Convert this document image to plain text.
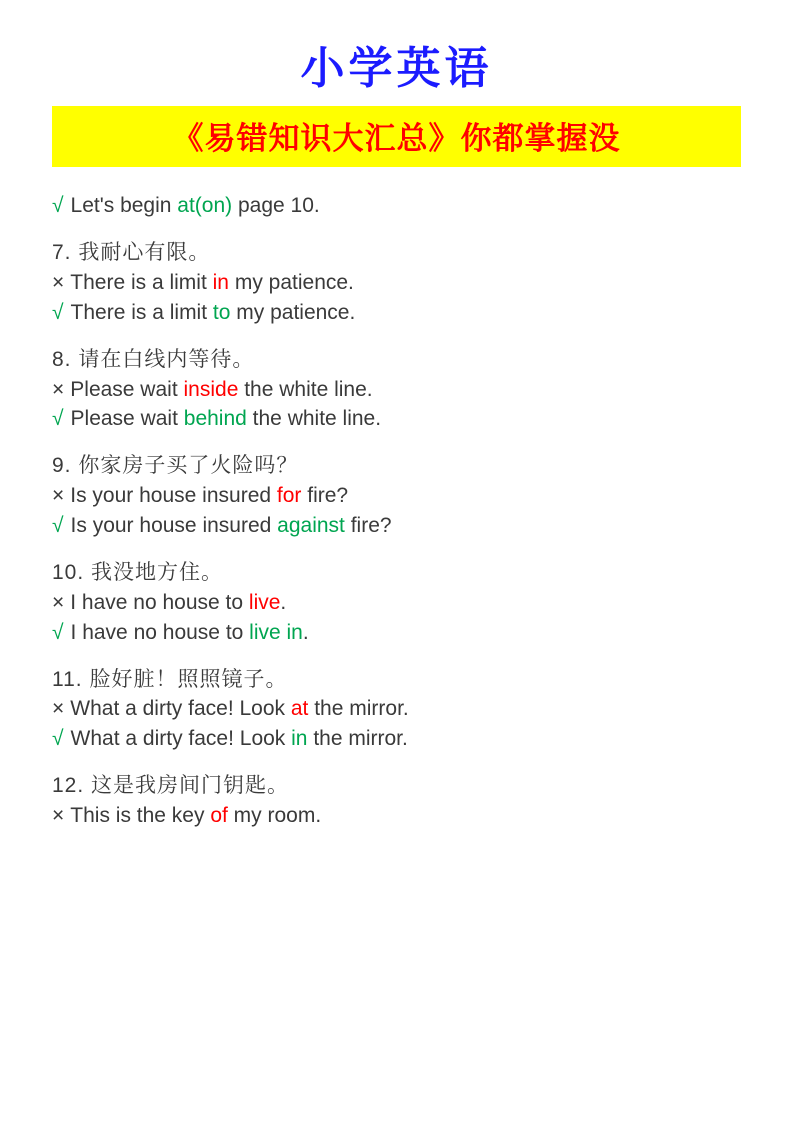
小学英语
《易错知识大汇总》你都掌握没
√ Let's begin at(on) page 10.
7. 我耐心有限。
× There is a limit in my patience.
√ There is a limit to my patience.
8. 请在白线内等待。
× Please wait inside the white line.
√ Please wait behind the white line.
9. 你家房子买了火险吗？
× Is your house insured for fire?
√ Is your house insured against fire?
10. 我没地方住。
× I have no house to live.
√ I have no house to live in.
11. 脸好脏！照照镜子。
× What a dirty face! Look at the mirror.
√ What a dirty face! Look in the mirror.
12. 这是我房间门钥匙。
× This is the key of my room.
